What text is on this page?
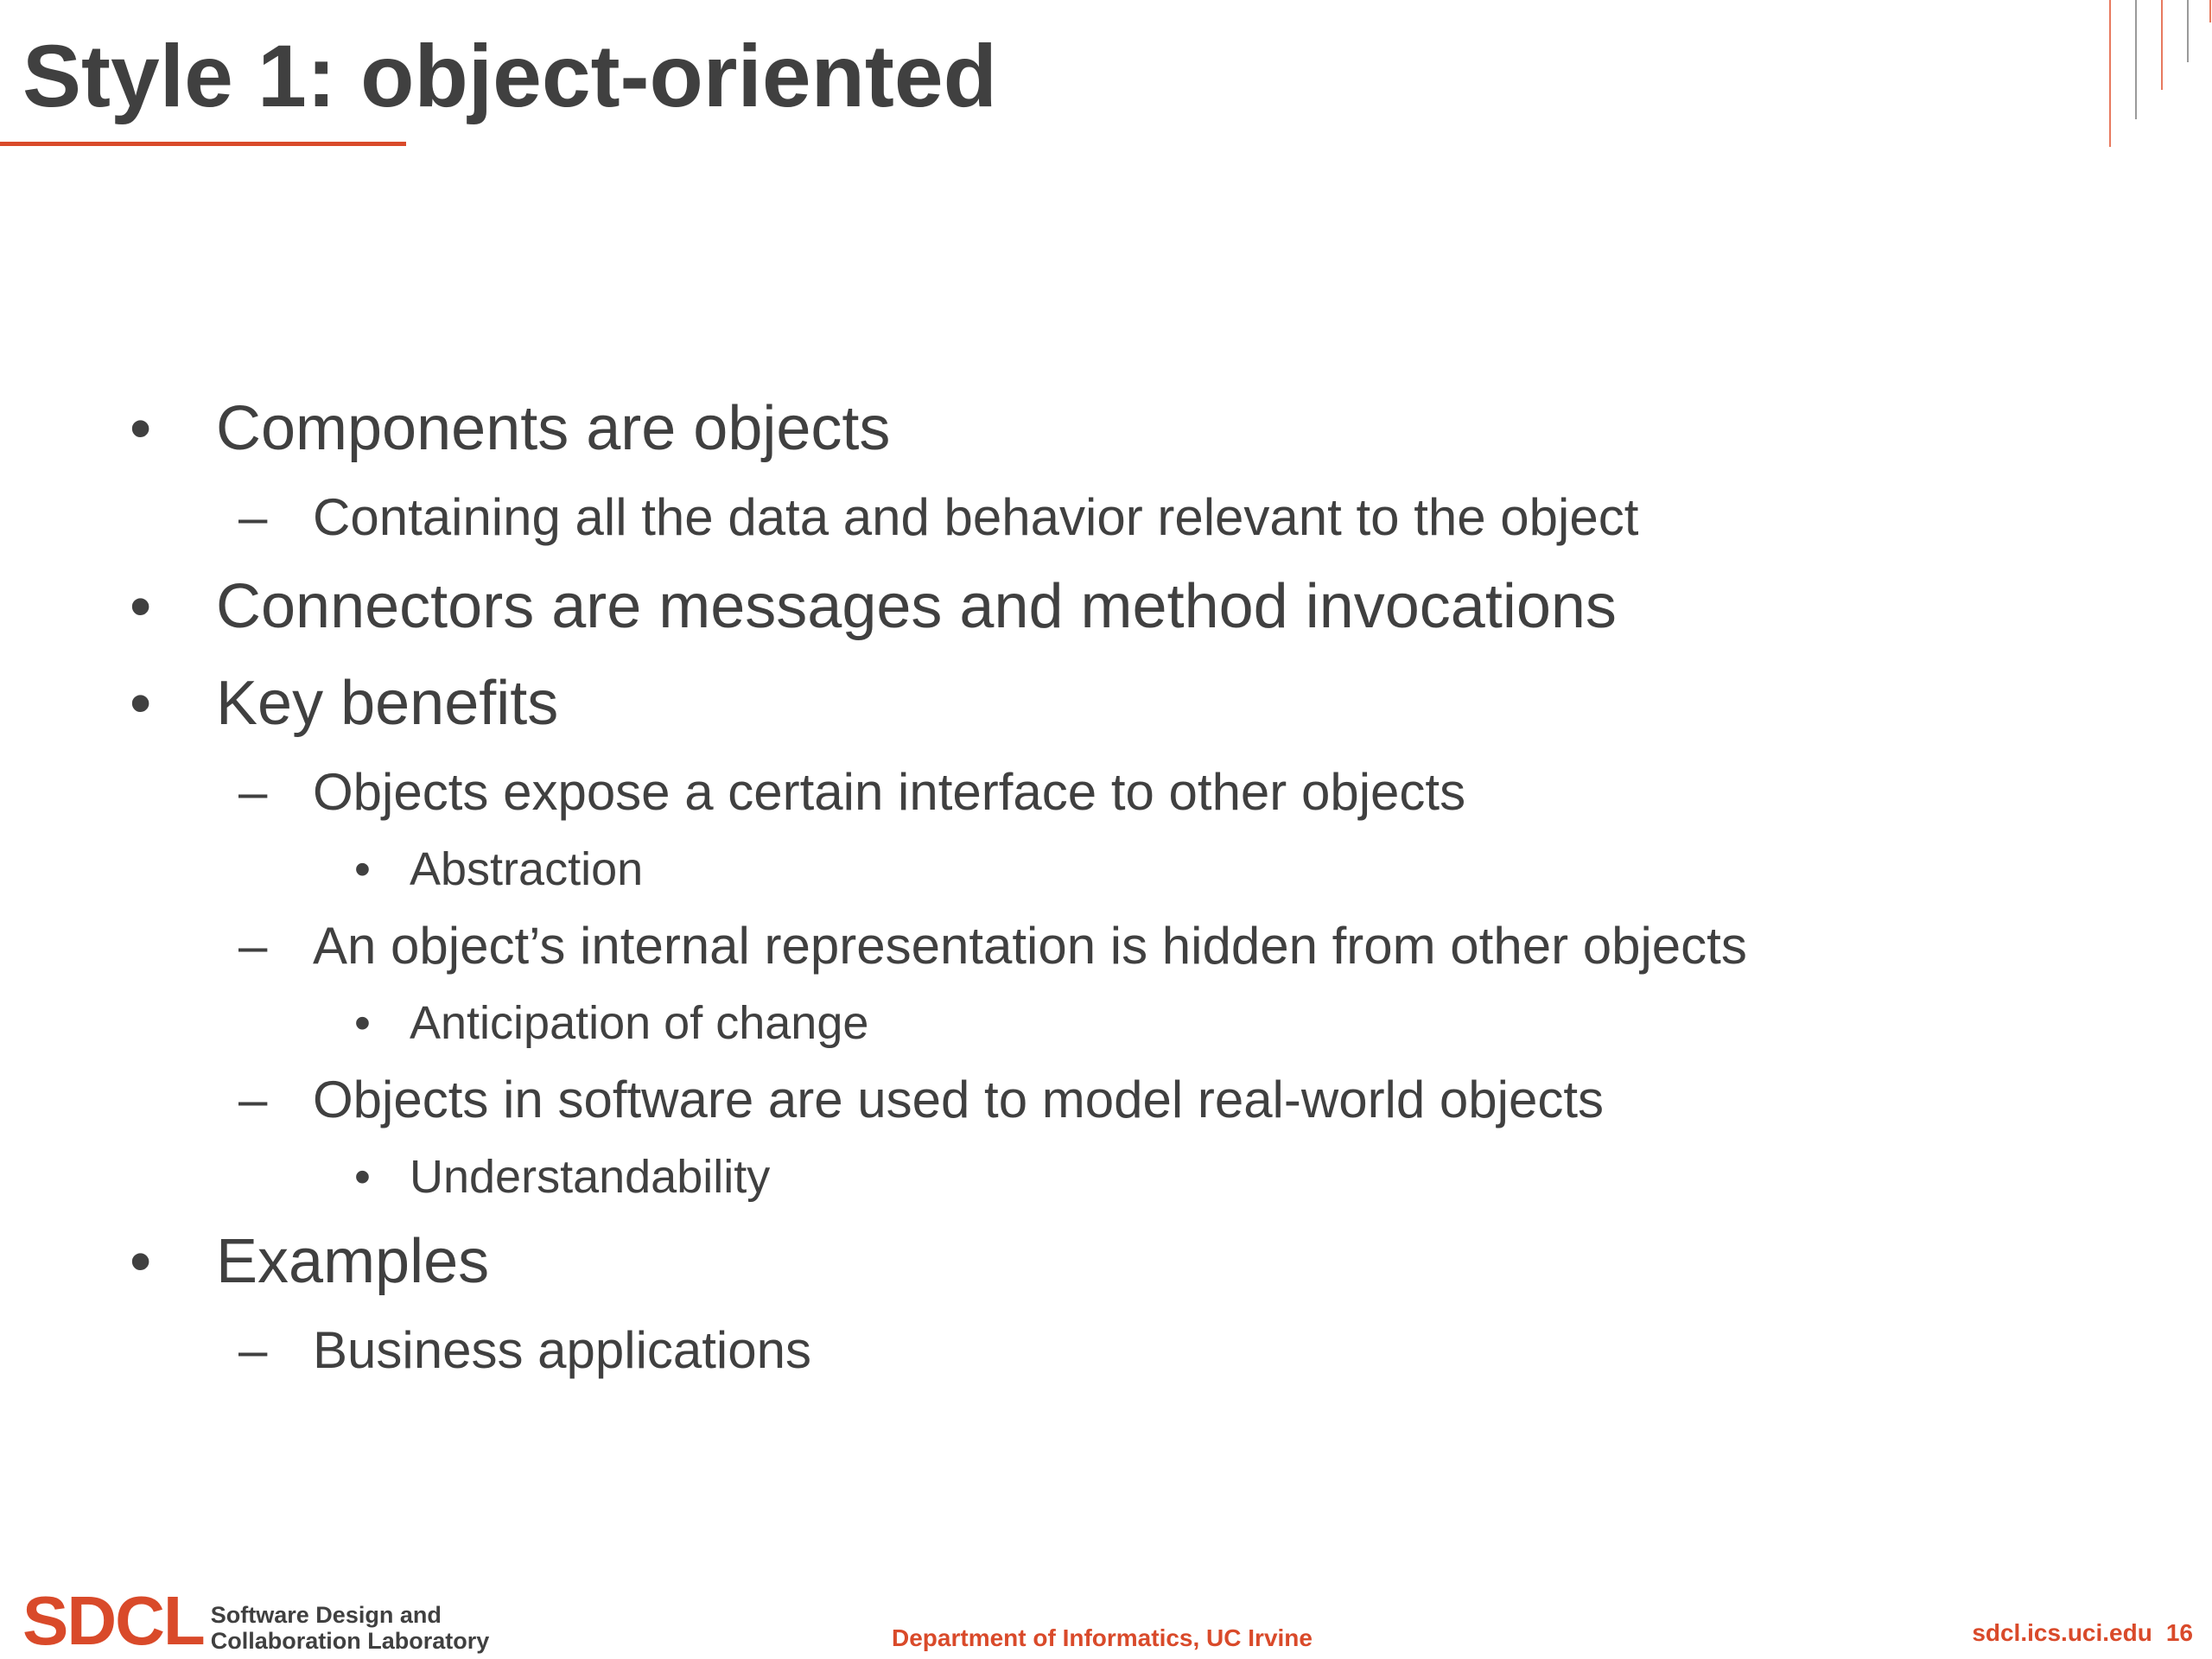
Style 1: object-oriented
• Components are objects
– Containing all the data and behavior relevant to the object
• Connectors are messages and method invocations
• Key benefits
– Objects expose a certain interface to other objects
• Abstraction
– An object’s internal representation is hidden from other objects
• Anticipation of change
– Objects in software are used to model real-world objects
• Understandability
• Examples
– Business applications
SDCL Software Design and
Collaboration Laboratory	Department of Informatics, UC Irvine	sdcl.ics.uci.edu 16
